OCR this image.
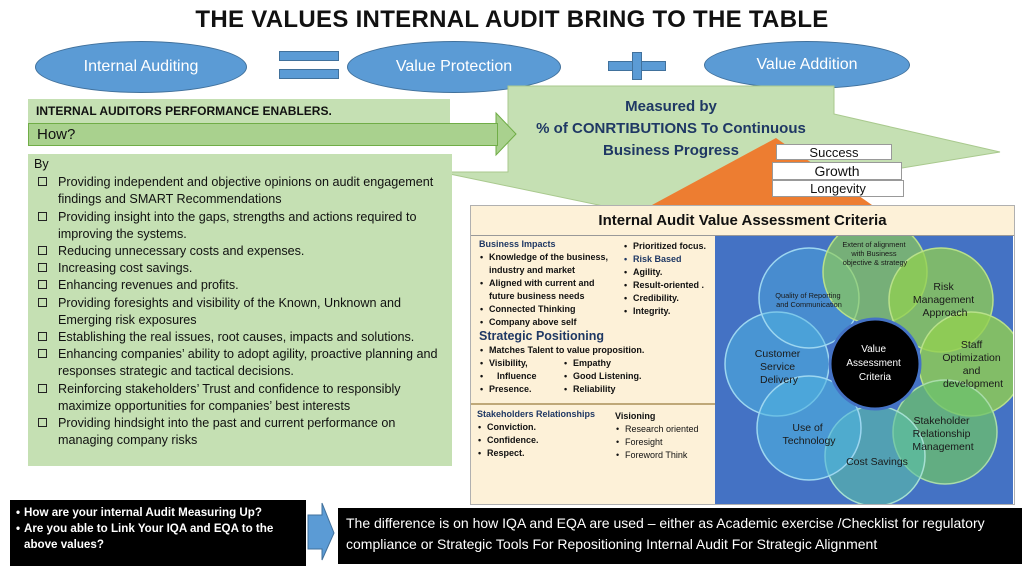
THE VALUES INTERNAL AUDIT BRING TO THE TABLE
Internal Auditing	Value Protection	Value Addition
INTERNAL AUDITORS PERFORMANCE ENABLERS.
How?
By
Providing independent and objective opinions on audit engagement findings and SMART Recommendations
Providing insight into the gaps, strengths and actions required to improving the systems.
Reducing unnecessary costs and expenses.
Increasing cost savings.
Enhancing revenues and profits.
Providing foresights and visibility of the Known, Unknown and Emerging risk exposures
Establishing the real issues, root causes, impacts and solutions.
Enhancing companies’ ability to adopt agility, proactive planning and responses strategic and tactical decisions.
Reinforcing stakeholders’ Trust and confidence to responsibly maximize opportunities for companies’ best interests
Providing hindsight into the past and current performance on managing company risks
Measured by
% of CONRTIBUTIONS To Continuous
Business Progress	Success
Growth
Longevity
Internal Audit Value Assessment Criteria
Business Impacts
• Knowledge of the business, industry and market
• Aligned with current and future business needs
• Connected Thinking
• Company above self
• Prioritized focus.
• Risk Based
• Agility.
• Result-oriented .
• Credibility.
• Integrity.
Strategic Positioning
• Matches Talent to value proposition.
• Visibility,
• Influence
• Presence.
• Empathy
• Good Listening.
• Reliability
Stakeholders Relationships
• Conviction.
• Confidence.
• Respect.
Visioning
• Research oriented
• Foresight
• Foreword Think
Value Assessment Criteria
Extent of alignment with Business objective & strategy
Risk Management Approach
Staff Optimization and development
Stakeholder Relationship Management
Cost Savings
Use of Technology
Customer Service Delivery
Quality of Reporting and Communication
• How are your internal Audit Measuring Up?
• Are you able to Link Your IQA and EQA to the above values?
The difference is on how IQA and EQA are used – either as Academic exercise /Checklist for regulatory compliance or Strategic Tools For Repositioning Internal Audit For Strategic Alignment
